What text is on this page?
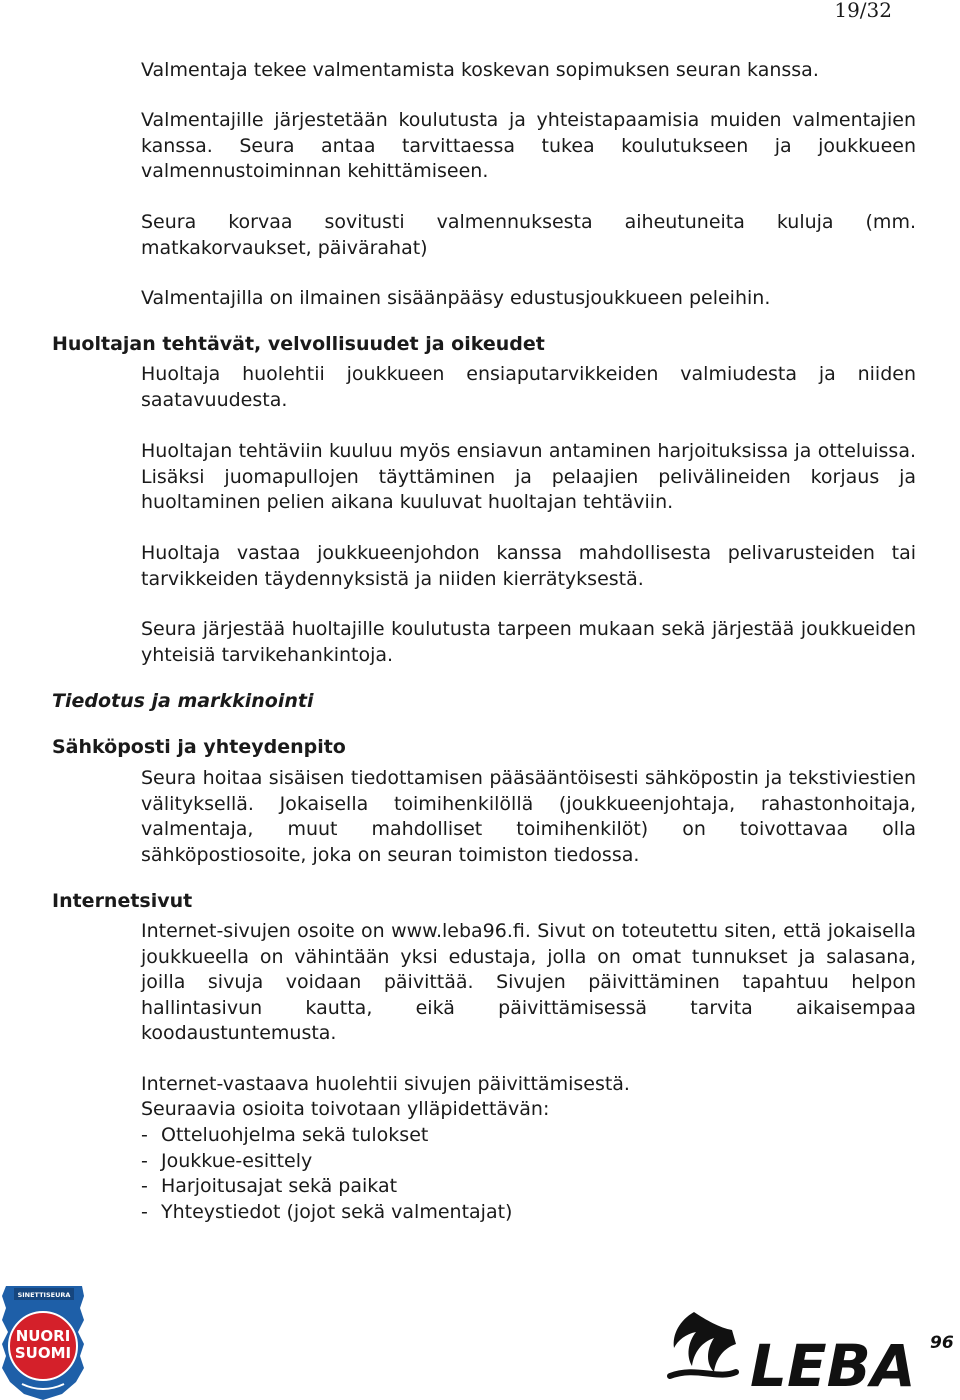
19/32

Valmentaja tekee valmentamista koskevan sopimuksen seuran kanssa.

Valmentajille järjestetään koulutusta ja yhteistapaamisia muiden valmentajien kanssa. Seura antaa tarvittaessa tukea koulutukseen ja joukkueen valmennustoiminnan kehittämiseen.

Seura korvaa sovitusti valmennuksesta aiheutuneita kuluja (mm. matkakorvaukset, päivärahat)

Valmentajilla on ilmainen sisäänpääsy edustusjoukkueen peleihin.

Huoltajan tehtävät, velvollisuudet ja oikeudet

Huoltaja huolehtii joukkueen ensiaputarvikkeiden valmiudesta ja niiden saatavuudesta.

Huoltajan tehtäviin kuuluu myös ensiavun antaminen harjoituksissa ja otteluissa. Lisäksi juomapullojen täyttäminen ja pelaajien pelivälineiden korjaus ja huoltaminen pelien aikana kuuluvat huoltajan tehtäviin.

Huoltaja vastaa joukkueenjohdon kanssa mahdollisesta pelivarusteiden tai tarvikkeiden täydennyksistä ja niiden kierrätyksestä.

Seura järjestää huoltajille koulutusta tarpeen mukaan sekä järjestää joukkueiden yhteisiä tarvikehankintoja.

Tiedotus ja markkinointi
Sähköposti ja yhteydenpito

Seura hoitaa sisäisen tiedottamisen pääsääntöisesti sähköpostin ja tekstiviestien välityksellä. Jokaisella toimihenkilöllä (joukkueenjohtaja, rahastonhoitaja, valmentaja, muut mahdolliset toimihenkilöt) on toivottavaa olla sähköpostiosoite, joka on seuran toimiston tiedossa.

Internetsivut

Internet-sivujen osoite on www.leba96.fi. Sivut on toteutettu siten, että jokaisella joukkueella on vähintään yksi edustaja, jolla on omat tunnukset ja salasana, joilla sivuja voidaan päivittää. Sivujen päivittäminen tapahtuu helpon hallintasivun kautta, eikä päivittämisessä tarvita aikaisempaa koodaustuntemusta.

Internet-vastaava huolehtii sivujen päivittämisestä.

Seuraavia osioita toivotaan ylläpidettävän:

- Otteluohjelma sekä tulokset
- Joukkue-esittely
- Harjoitusajat sekä paikat
- Yhteystiedot (jojot sekä valmentajat)
SINETTISEURA
NUORI
SUOMI	LEBA 96
